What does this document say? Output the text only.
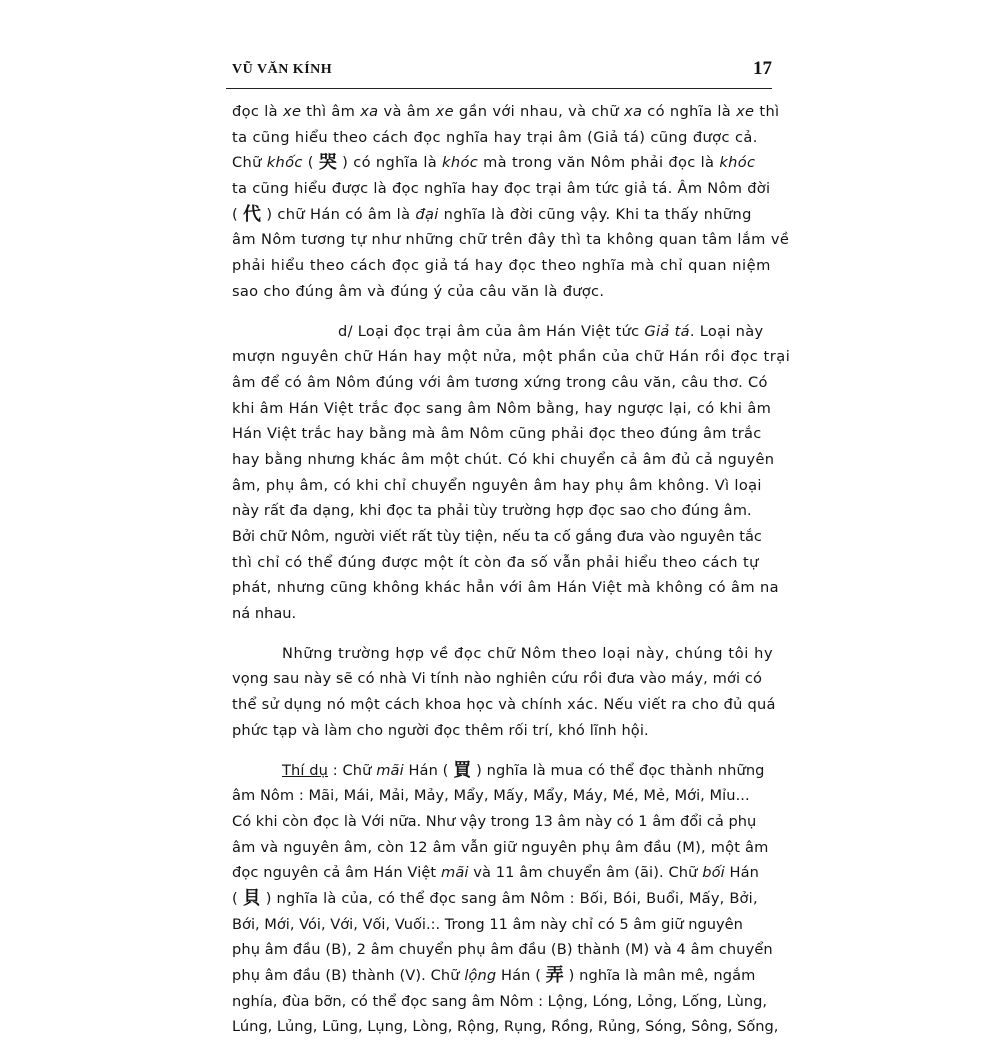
VŨ VĂN KÍNH	17
đọc là xe thì âm xa và âm xe gần với nhau, và chữ xa có nghĩa là xe thì
ta cũng hiểu theo cách đọc nghĩa hay trại âm (Giả tá) cũng được cả.
Chữ khốc ( 哭 ) có nghĩa là khóc mà trong văn Nôm phải đọc là khóc
ta cũng hiểu được là đọc nghĩa hay đọc trại âm tức giả tá. Âm Nôm đời
( 代 ) chữ Hán có âm là đại nghĩa là đời cũng vậy. Khi ta thấy những
âm Nôm tương tự như những chữ trên đây thì ta không quan tâm lắm về
phải hiểu theo cách đọc giả tá hay đọc theo nghĩa mà chỉ quan niệm
sao cho đúng âm và đúng ý của câu văn là được.
d/ Loại đọc trại âm của âm Hán Việt tức Giả tá. Loại này
mượn nguyên chữ Hán hay một nửa, một phần của chữ Hán rồi đọc trại
âm để có âm Nôm đúng với âm tương xứng trong câu văn, câu thơ. Có
khi âm Hán Việt trắc đọc sang âm Nôm bằng, hay ngược lại, có khi âm
Hán Việt trắc hay bằng mà âm Nôm cũng phải đọc theo đúng âm trắc
hay bằng nhưng khác âm một chút. Có khi chuyển cả âm đủ cả nguyên
âm, phụ âm, có khi chỉ chuyển nguyên âm hay phụ âm không. Vì loại
này rất đa dạng, khi đọc ta phải tùy trường hợp đọc sao cho đúng âm.
Bởi chữ Nôm, người viết rất tùy tiện, nếu ta cố gắng đưa vào nguyên tắc
thì chỉ có thể đúng được một ít còn đa số vẫn phải hiểu theo cách tự
phát, nhưng cũng không khác hẳn với âm Hán Việt mà không có âm na
ná nhau.
Những trường hợp về đọc chữ Nôm theo loại này, chúng tôi hy
vọng sau này sẽ có nhà Vi tính nào nghiên cứu rồi đưa vào máy, mới có
thể sử dụng nó một cách khoa học và chính xác. Nếu viết ra cho đủ quá
phức tạp và làm cho người đọc thêm rối trí, khó lĩnh hội.
Thí dụ : Chữ mãi Hán ( 買 ) nghĩa là mua có thể đọc thành những
âm Nôm : Mãi, Mái, Mải, Mảy, Mẩy, Mấy, Mẩy, Máy, Mé, Mẻ, Mới, Mỉu...
Có khi còn đọc là Với nữa. Như vậy trong 13 âm này có 1 âm đổi cả phụ
âm và nguyên âm, còn 12 âm vẫn giữ nguyên phụ âm đầu (M), một âm
đọc nguyên cả âm Hán Việt mãi và 11 âm chuyển âm (ãi). Chữ bối Hán
( 貝 ) nghĩa là của, có thể đọc sang âm Nôm : Bối, Bói, Buổi, Mấy, Bởi,
Bới, Mới, Vói, Với, Vối, Vuối.:. Trong 11 âm này chỉ có 5 âm giữ nguyên
phụ âm đầu (B), 2 âm chuyển phụ âm đầu (B) thành (M) và 4 âm chuyển
phụ âm đầu (B) thành (V). Chữ lộng Hán ( 弄 ) nghĩa là mân mê, ngắm
nghía, đùa bỡn, có thể đọc sang âm Nôm : Lộng, Lóng, Lỏng, Lống, Lùng,
Lúng, Lủng, Lũng, Lụng, Lòng, Rộng, Rụng, Rồng, Rủng, Sóng, Sông, Sống,
